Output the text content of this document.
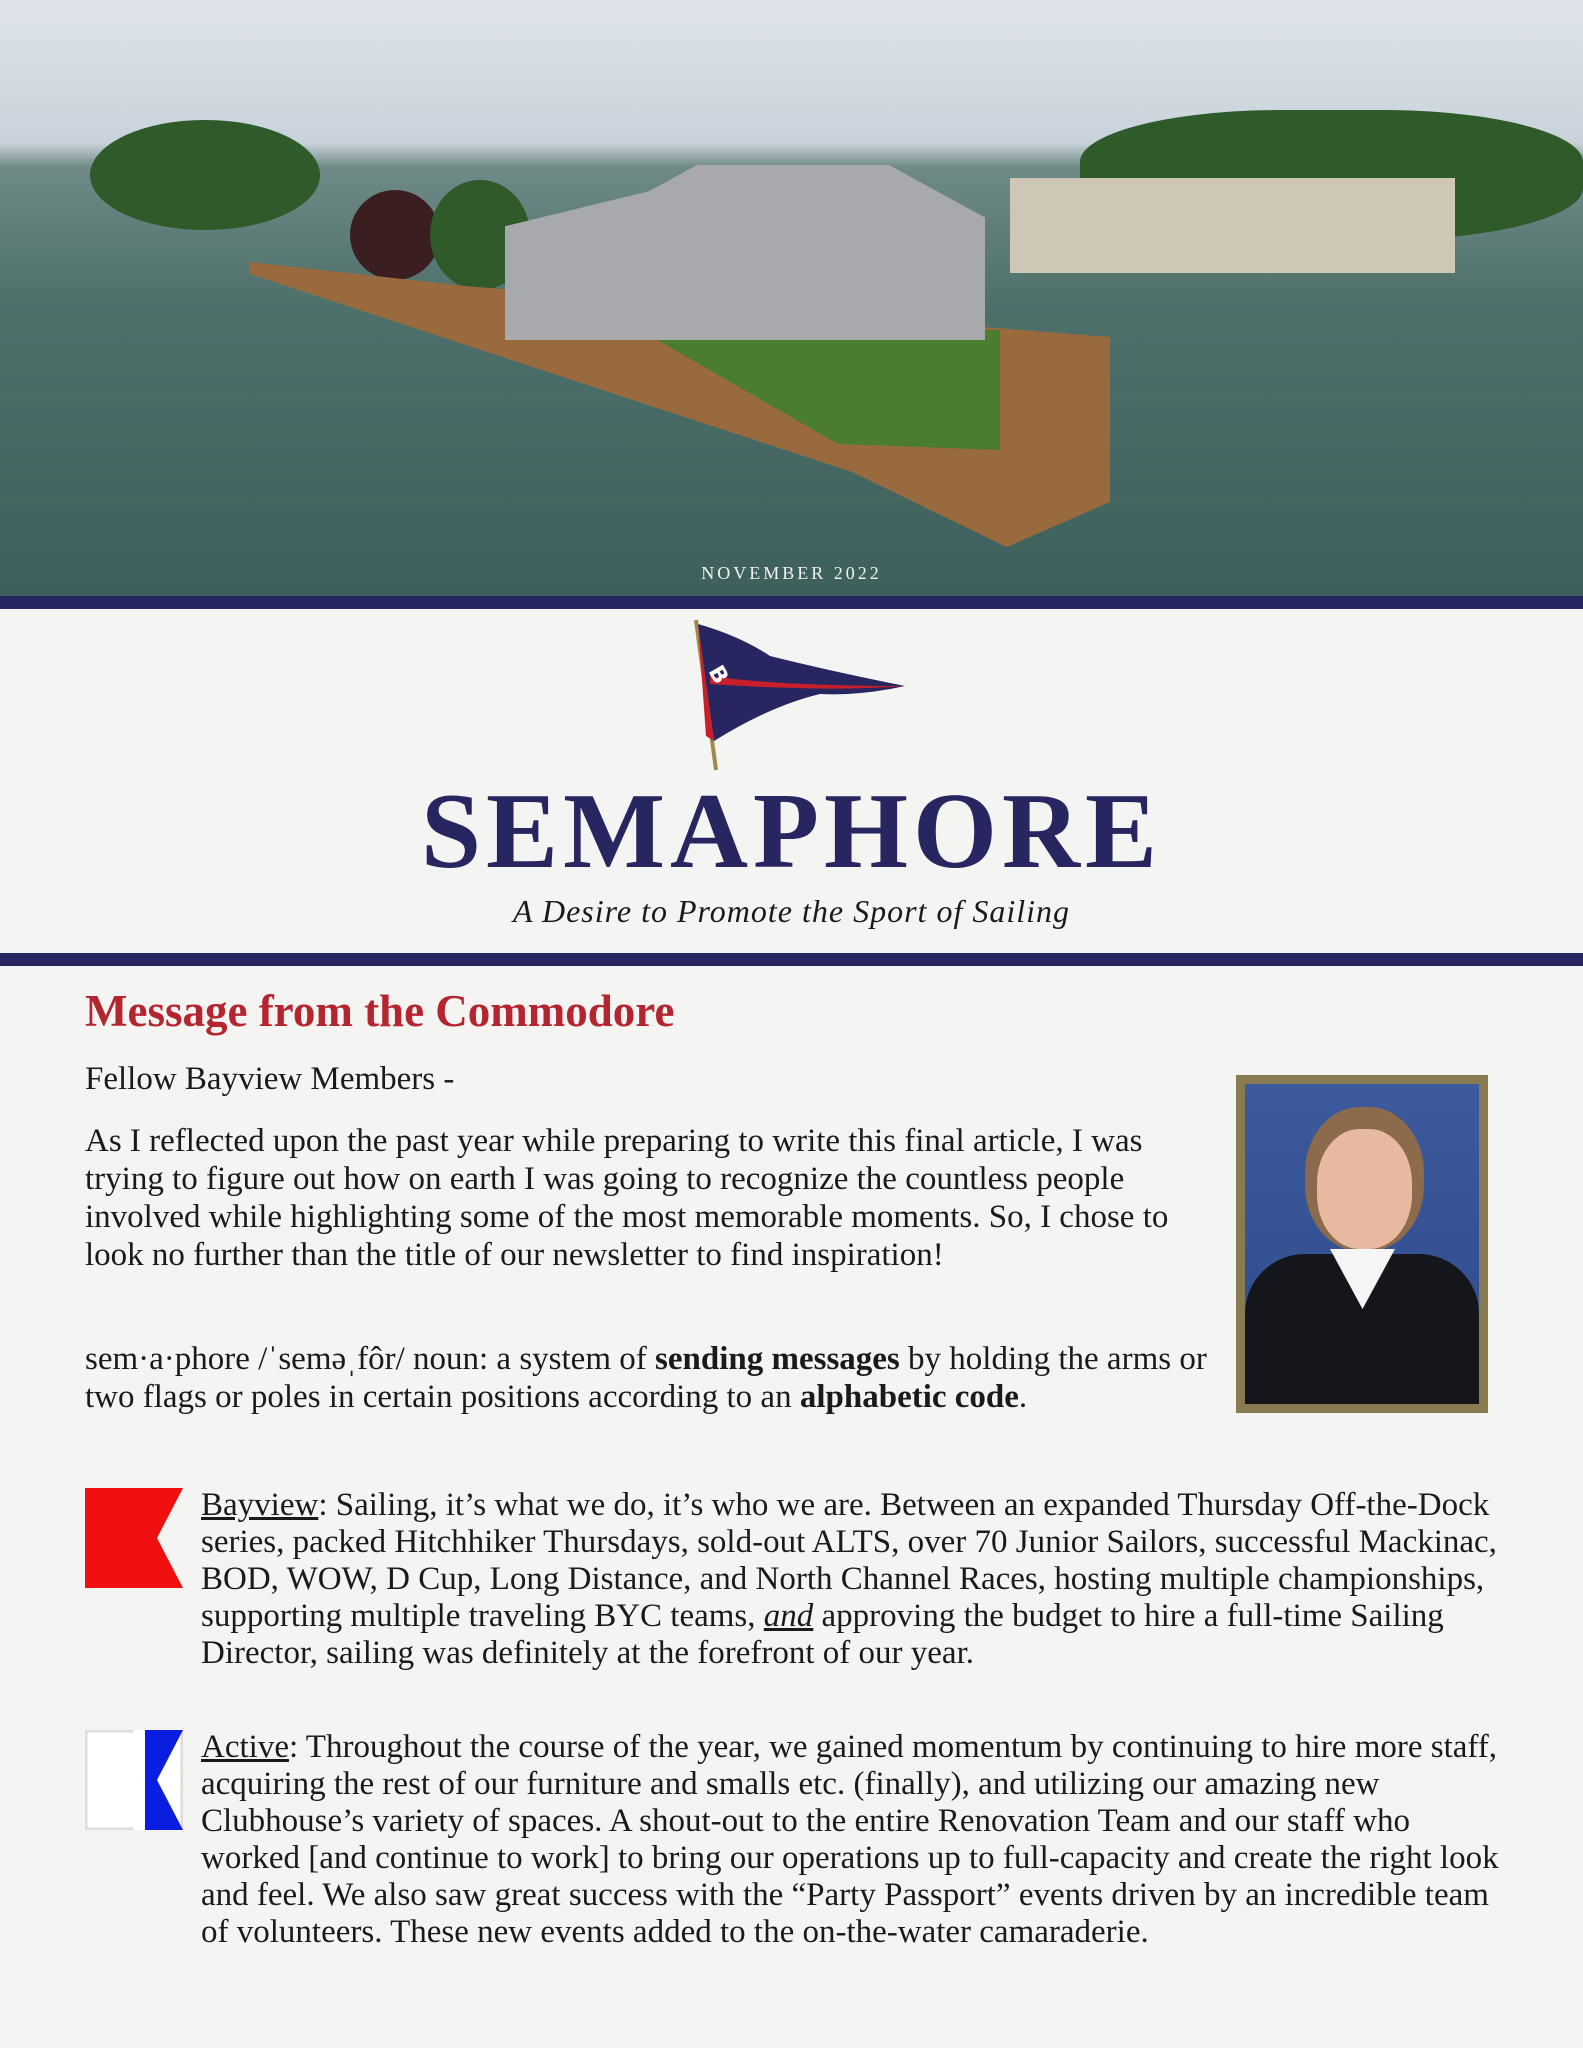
NOVEMBER 2022
B
SEMAPHORE
A Desire to Promote the Sport of Sailing
Message from the Commodore
Fellow Bayview Members -
As I reflected upon the past year while preparing to write this final article, I was trying to figure out how on earth I was going to recognize the countless people involved while highlighting some of the most memorable moments. So, I chose to look no further than the title of our newsletter to find inspiration!
sem·a·phore /ˈseməˌfôr/ noun: a system of sending messages by holding the arms or two flags or poles in certain positions according to an alphabetic code.
Bayview: Sailing, it’s what we do, it’s who we are. Between an expanded Thursday Off-the-Dock series, packed Hitchhiker Thursdays, sold-out ALTS, over 70 Junior Sailors, successful Mackinac, BOD, WOW, D Cup, Long Distance, and North Channel Races, hosting multiple championships, supporting multiple traveling BYC teams, and approving the budget to hire a full-time Sailing Director, sailing was definitely at the forefront of our year.
Active: Throughout the course of the year, we gained momentum by continuing to hire more staff, acquiring the rest of our furniture and smalls etc. (finally), and utilizing our amazing new Clubhouse’s variety of spaces. A shout-out to the entire Renovation Team and our staff who worked [and continue to work] to bring our operations up to full-capacity and create the right look and feel. We also saw great success with the “Party Passport” events driven by an incredible team of volunteers. These new events added to the on-the-water camaraderie.
